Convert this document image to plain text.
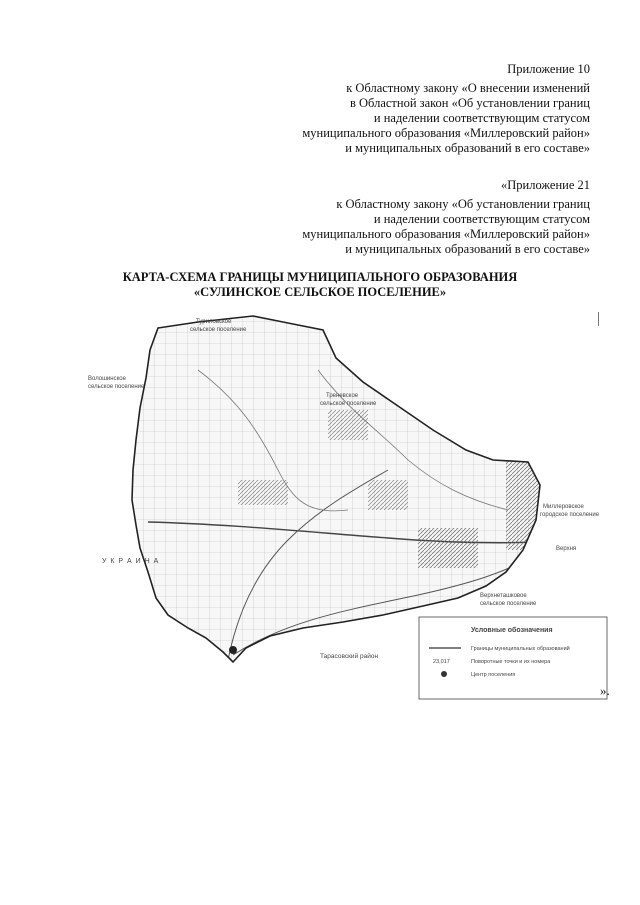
Приложение 10
к Областному закону «О внесении изменений
в Областной закон «Об установлении границ
и наделении соответствующим статусом
муниципального образования «Миллеровский район»
и муниципальных образований в его составе»
«Приложение 21
к Областному закону «Об установлении границ
и наделении соответствующим статусом
муниципального образования «Миллеровский район»
и муниципальных образований в его составе»
КАРТА-СХЕМА ГРАНИЦЫ МУНИЦИПАЛЬНОГО ОБРАЗОВАНИЯ
«СУЛИНСКОЕ СЕЛЬСКОЕ ПОСЕЛЕНИЕ»
Туриловское
сельское поселение
Волошинское
сельское поселение
Треневское
сельское поселение
Миллеровское
городское поселение
У К Р А И Н А
Верхня
Верхнеташковое
сельское поселение
Тарасовский район
Условные обозначения
Границы муниципальных образований
23,017	Поворотные точки и их номера
Центр поселения
».
